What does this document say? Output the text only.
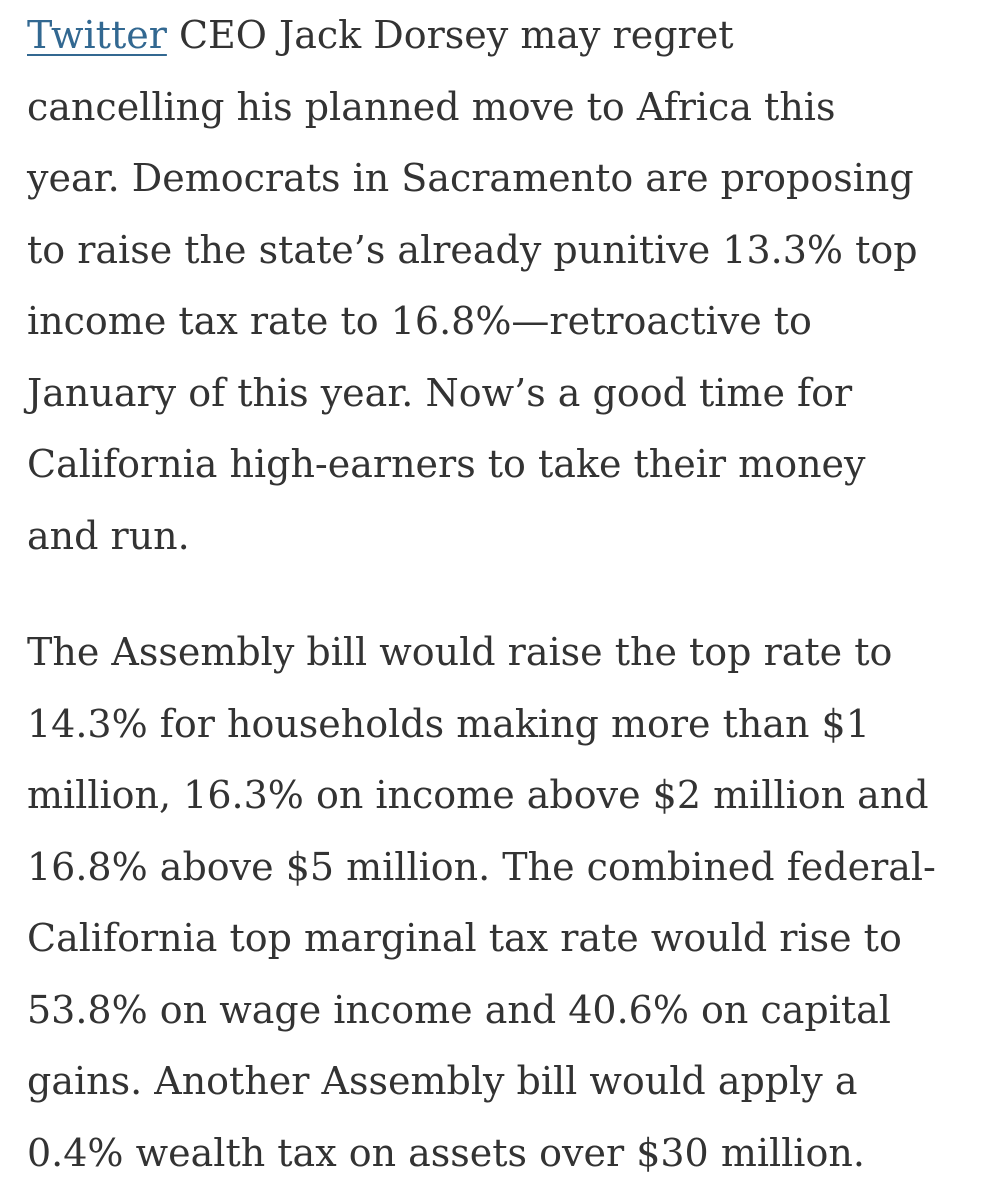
Twitter CEO Jack Dorsey may regret
cancelling his planned move to Africa this
year. Democrats in Sacramento are proposing
to raise the state’s already punitive 13.3% top
income tax rate to 16.8%—retroactive to
January of this year. Now’s a good time for
California high-earners to take their money
and run.
The Assembly bill would raise the top rate to
14.3% for households making more than $1
million, 16.3% on income above $2 million and
16.8% above $5 million. The combined federal-
California top marginal tax rate would rise to
53.8% on wage income and 40.6% on capital
gains. Another Assembly bill would apply a
0.4% wealth tax on assets over $30 million.
